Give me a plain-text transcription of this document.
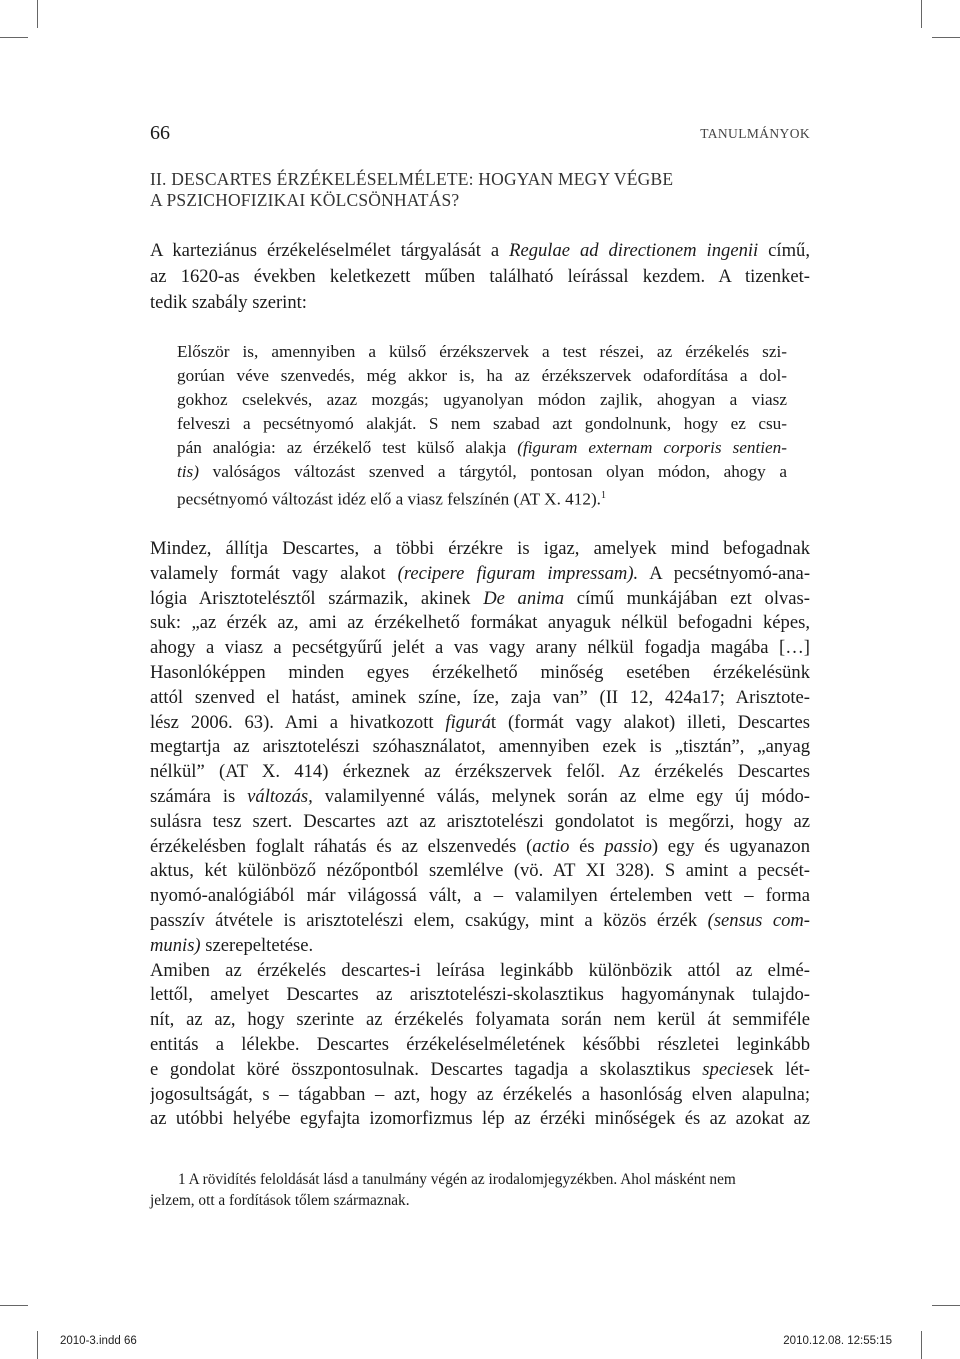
66	TANULMÁNYOK
II. DESCARTES ÉRZÉKELÉSELMÉLETE: HOGYAN MEGY VÉGBE
A PSZICHOFIZIKAI KÖLCSÖNHATÁS?
A karteziánus érzékeléselmélet tárgyalását a Regulae ad directionem ingenii című,
az 1620-as években keletkezett műben található leírással kezdem. A tizenket-
tedik szabály szerint:
Először is, amennyiben a külső érzékszervek a test részei, az érzékelés szi-
gorúan véve szenvedés, még akkor is, ha az érzékszervek odafordítása a dol-
gokhoz cselekvés, azaz mozgás; ugyanolyan módon zajlik, ahogyan a viasz
felveszi a pecsétnyomó alakját. S nem szabad azt gondolnunk, hogy ez csu-
pán analógia: az érzékelő test külső alakja (figuram externam corporis sentien-
tis) valóságos változást szenved a tárgytól, pontosan olyan módon, ahogy a
pecsétnyomó változást idéz elő a viasz felszínén (AT X. 412).$^1$
Mindez, állítja Descartes, a többi érzékre is igaz, amelyek mind befogadnak
valamely formát vagy alakot (recipere figuram impressam). A pecsétnyomó-ana-
lógia Arisztotelésztől származik, akinek De anima című munkájában ezt olvas-
suk: „az érzék az, ami az érzékelhető formákat anyaguk nélkül befogadni képes,
ahogy a viasz a pecsétgyűrű jelét a vas vagy arany nélkül fogadja magába […]
Hasonlóképpen minden egyes érzékelhető minőség esetében érzékelésünk
attól szenved el hatást, aminek színe, íze, zaja van” (II 12, 424a17; Arisztote-
lész 2006. 63). Ami a hivatkozott figurát (formát vagy alakot) illeti, Descartes
megtartja az arisztotelészi szóhasználatot, amennyiben ezek is „tisztán”, „anyag
nélkül” (AT X. 414) érkeznek az érzékszervek felől. Az érzékelés Descartes
számára is változás, valamilyenné válás, melynek során az elme egy új módo-
sulásra tesz szert. Descartes azt az arisztotelészi gondolatot is megőrzi, hogy az
érzékelésben foglalt ráhatás és az elszenvedés (actio és passio) egy és ugyanazon
aktus, két különböző nézőpontból szemlélve (vö. AT XI 328). S amint a pecsét-
nyomó-analógiából már világossá vált, a – valamilyen értelemben vett – forma
passzív átvétele is arisztotelészi elem, csakúgy, mint a közös érzék (sensus com-
munis) szerepeltetése.
Amiben az érzékelés descartes-i leírása leginkább különbözik attól az elmé-
lettől, amelyet Descartes az arisztotelészi-skolasztikus hagyománynak tulajdo-
nít, az az, hogy szerinte az érzékelés folyamata során nem kerül át semmiféle
entitás a lélekbe. Descartes érzékeléselméletének későbbi részletei leginkább
e gondolat köré összpontosulnak. Descartes tagadja a skolasztikus speciesek lét-
jogosultságát, s – tágabban – azt, hogy az érzékelés a hasonlóság elven alapulna;
az utóbbi helyébe egyfajta izomorfizmus lép az érzéki minőségek és az azokat az
1 A rövidítés feloldását lásd a tanulmány végén az irodalomjegyzékben. Ahol másként nem
jelzem, ott a fordítások tőlem származnak.
2010-3.indd 66	2010.12.08. 12:55:15
